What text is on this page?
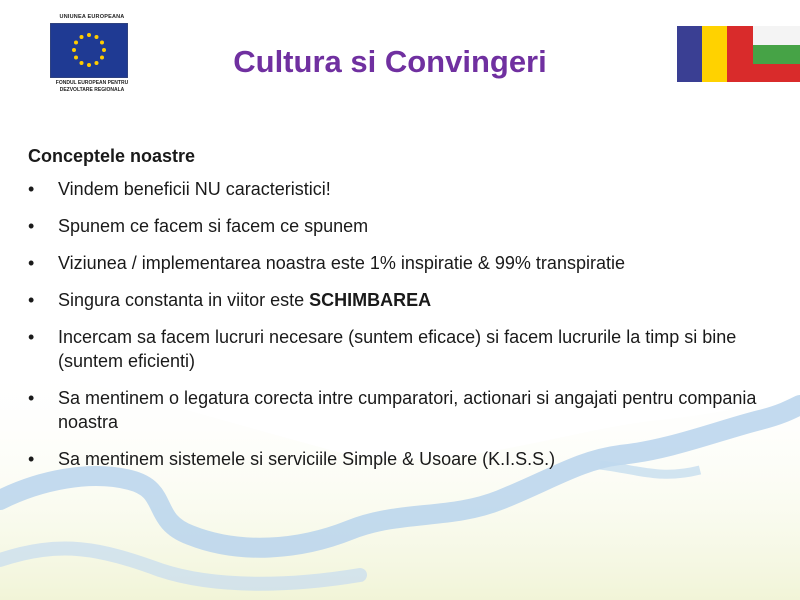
UNIUNEA EUROPEANA
FONDUL EUROPEAN PENTRU
DEZVOLTARE REGIONALA
Cultura si Convingeri
Conceptele noastre
• Vindem beneficii NU caracteristici!
• Spunem ce facem si facem ce spunem
• Viziunea / implementarea noastra este 1% inspiratie & 99% transpiratie
• Singura constanta in viitor este SCHIMBAREA
• Incercam sa facem lucruri necesare (suntem eficace) si facem lucrurile la timp si bine (suntem eficienti)
• Sa mentinem o legatura corecta intre cumparatori, actionari si angajati pentru compania noastra
• Sa mentinem sistemele si serviciile Simple & Usoare (K.I.S.S.)
